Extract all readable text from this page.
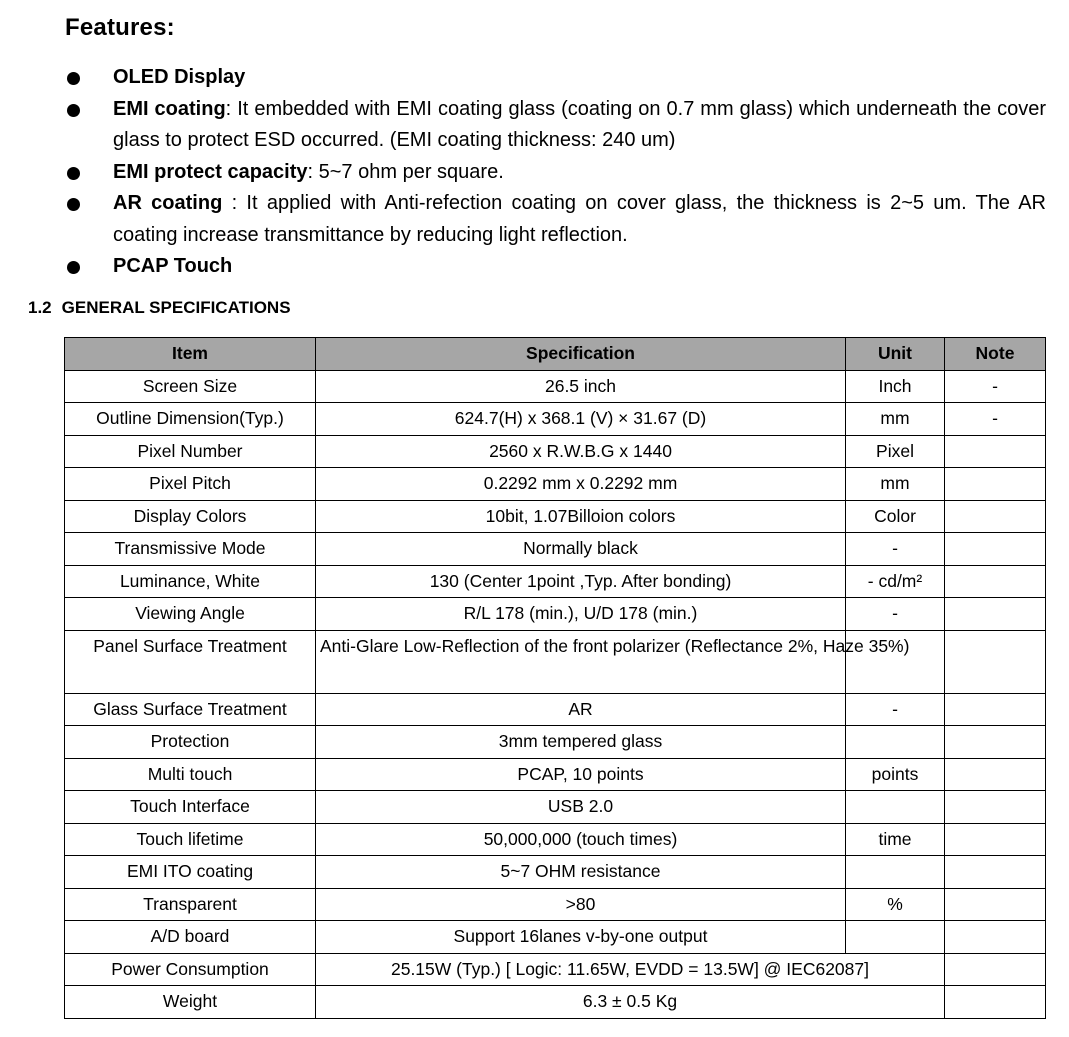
Features:
OLED Display
EMI coating: It embedded with EMI coating glass (coating on 0.7 mm glass) which underneath the cover glass to protect ESD occurred. (EMI coating thickness: 240 um)
EMI protect capacity: 5~7 ohm per square.
AR coating : It applied with Anti-refection coating on cover glass, the thickness is 2~5 um. The AR coating increase transmittance by reducing light reflection.
PCAP Touch
1.2 GENERAL SPECIFICATIONS
Item	Specification	Unit	Note
Screen Size	26.5 inch	Inch	-
Outline Dimension(Typ.)	624.7(H) x 368.1 (V) × 31.67 (D)	mm	-
Pixel Number	2560 x R.W.B.G x 1440	Pixel	
Pixel Pitch	0.2292 mm x 0.2292 mm	mm	
Display Colors	10bit, 1.07Billoion colors	Color	
Transmissive Mode	Normally black	-	
Luminance, White	130 (Center 1point ,Typ. After bonding)	- cd/m²	
Viewing Angle	R/L 178 (min.), U/D 178 (min.)	-	
Panel Surface Treatment	Anti-Glare Low-Reflection of the front polarizer (Reflectance 2%, Haze 35%)		
Glass Surface Treatment	AR	-	
Protection	3mm tempered glass		
Multi touch	PCAP, 10 points	points	
Touch Interface	USB 2.0		
Touch lifetime	50,000,000 (touch times)	time	
EMI ITO coating	5~7 OHM resistance		
Transparent	>80	%	
A/D board	Support 16lanes v-by-one output		
Power Consumption	25.15W (Typ.) [ Logic: 11.65W, EVDD = 13.5W] @ IEC62087]		
Weight	6.3 ± 0.5 Kg		
